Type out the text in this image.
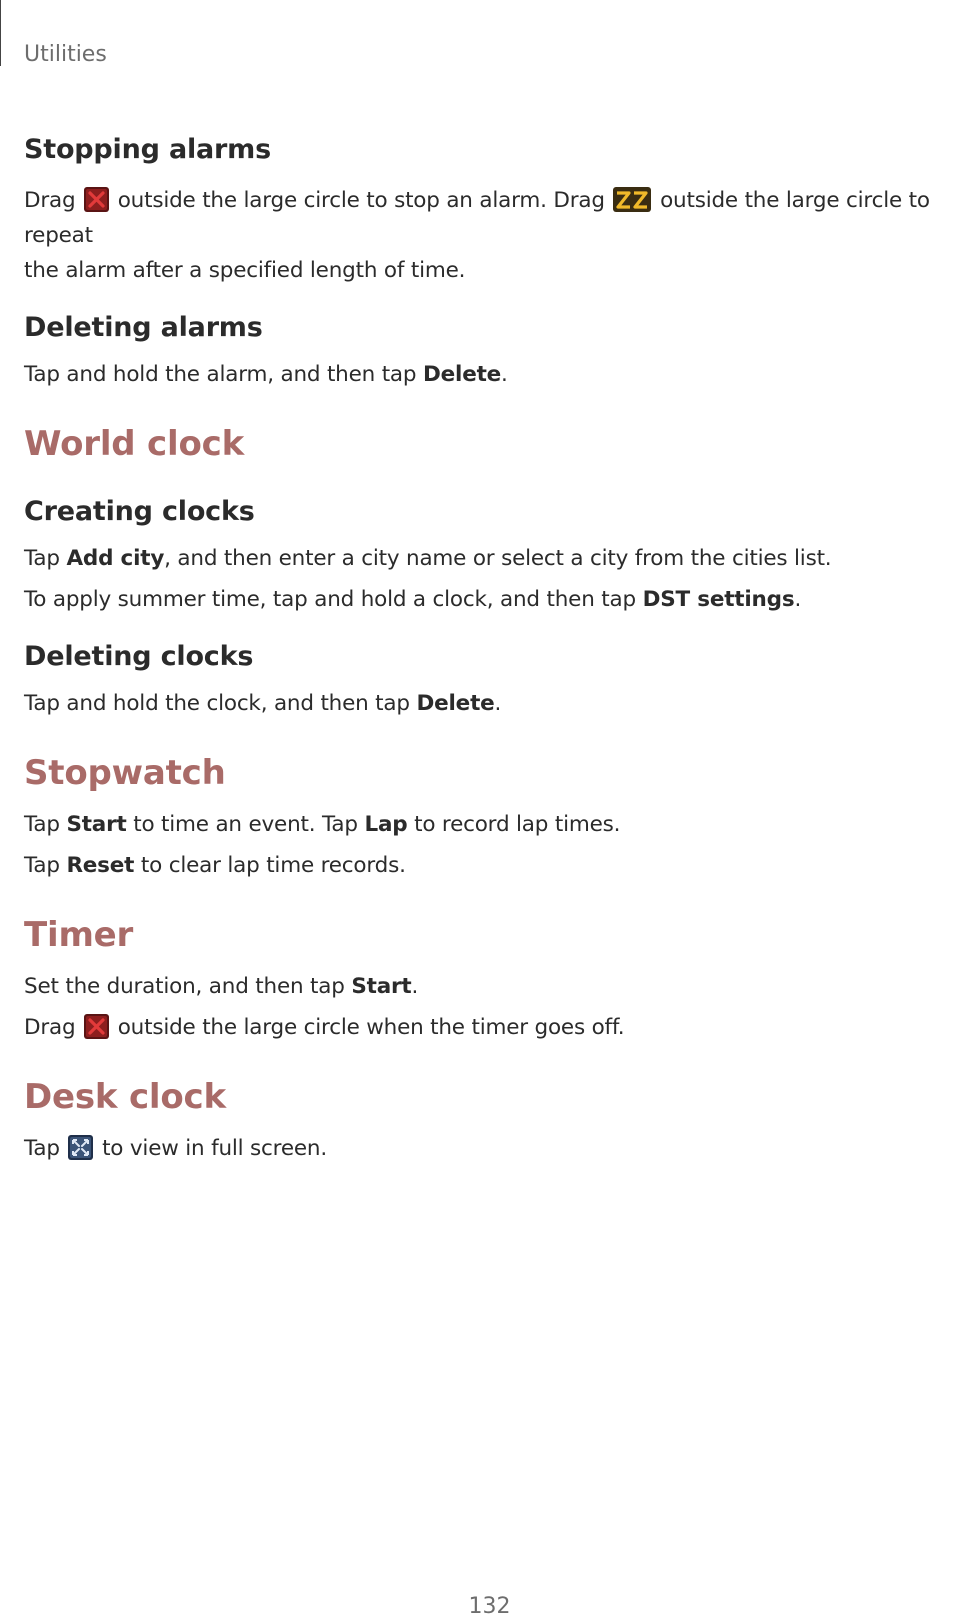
Utilities
Stopping alarms

Drag outside the large circle to stop an alarm. Drag	outside the large circle to repeat
the alarm after a specified length of time.

Deleting alarms

Tap and hold the alarm, and then tap Delete.

World clock
Creating clocks

Tap Add city, and then enter a city name or select a city from the cities list.

To apply summer time, tap and hold a clock, and then tap DST settings.

Deleting clocks

Tap and hold the clock, and then tap Delete.

Stopwatch

Tap Start to time an event. Tap Lap to record lap times.

Tap Reset to clear lap time records.

Timer

Set the duration, and then tap Start.

Drag outside the large circle when the timer goes off.

Desk clock

Tap to view in full screen.

132
